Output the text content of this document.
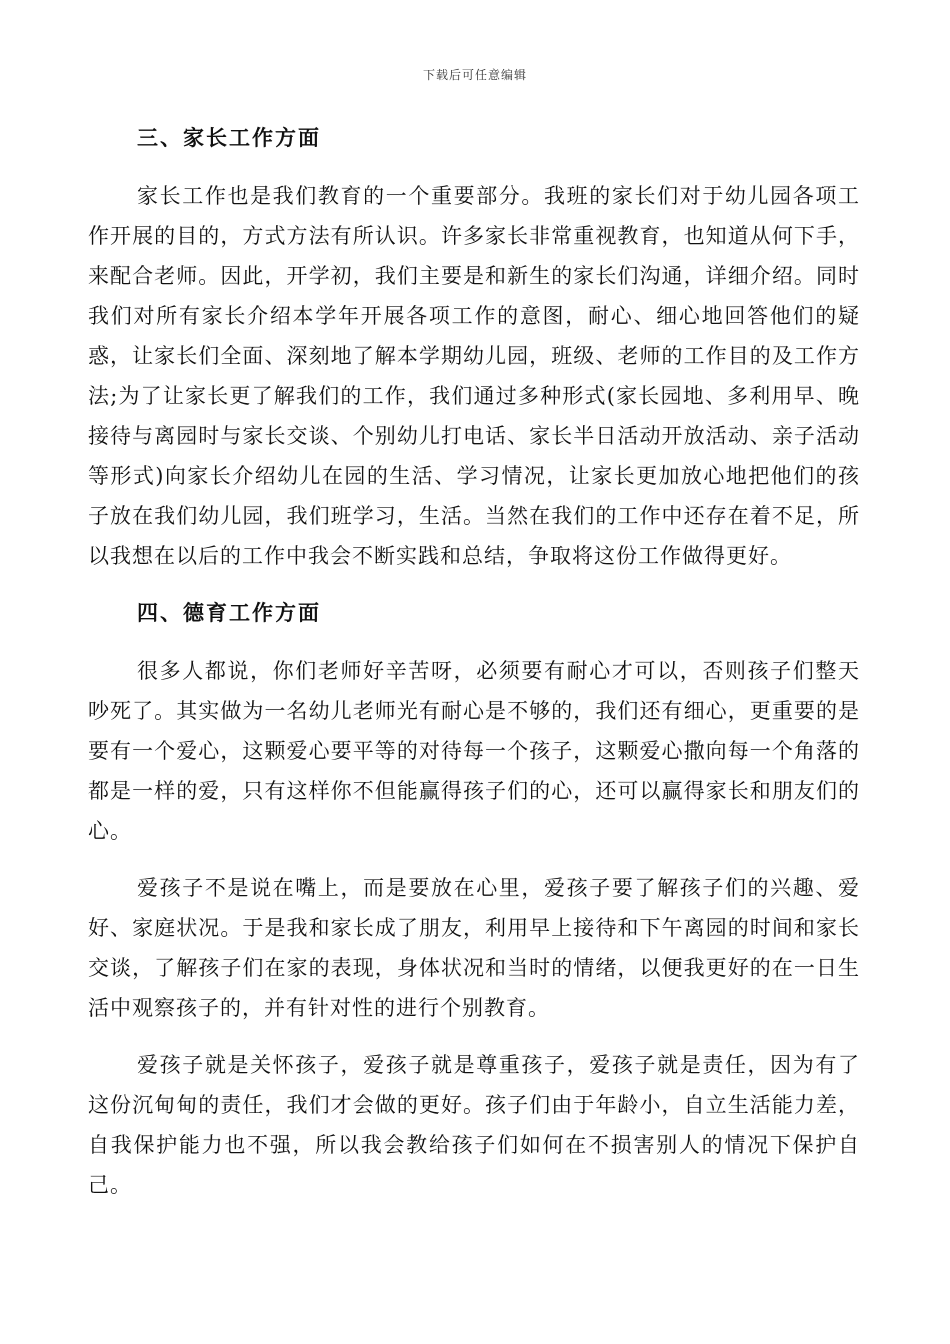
下载后可任意编辑
三、家长工作方面

家长工作也是我们教育的一个重要部分。我班的家长们对于幼儿园各项工作开展的目的，方式方法有所认识。许多家长非常重视教育，也知道从何下手，来配合老师。因此，开学初，我们主要是和新生的家长们沟通，详细介绍。同时我们对所有家长介绍本学年开展各项工作的意图，耐心、细心地回答他们的疑惑，让家长们全面、深刻地了解本学期幼儿园，班级、老师的工作目的及工作方法;为了让家长更了解我们的工作，我们通过多种形式(家长园地、多利用早、晚接待与离园时与家长交谈、个别幼儿打电话、家长半日活动开放活动、亲子活动等形式)向家长介绍幼儿在园的生活、学习情况，让家长更加放心地把他们的孩子放在我们幼儿园，我们班学习，生活。当然在我们的工作中还存在着不足，所以我想在以后的工作中我会不断实践和总结，争取将这份工作做得更好。

四、德育工作方面

很多人都说，你们老师好辛苦呀，必须要有耐心才可以，否则孩子们整天吵死了。其实做为一名幼儿老师光有耐心是不够的，我们还有细心，更重要的是要有一个爱心，这颗爱心要平等的对待每一个孩子，这颗爱心撒向每一个角落的都是一样的爱，只有这样你不但能赢得孩子们的心，还可以赢得家长和朋友们的心。

爱孩子不是说在嘴上，而是要放在心里，爱孩子要了解孩子们的兴趣、爱好、家庭状况。于是我和家长成了朋友，利用早上接待和下午离园的时间和家长交谈，了解孩子们在家的表现，身体状况和当时的情绪，以便我更好的在一日生活中观察孩子的，并有针对性的进行个别教育。

爱孩子就是关怀孩子，爱孩子就是尊重孩子，爱孩子就是责任，因为有了这份沉甸甸的责任，我们才会做的更好。孩子们由于年龄小，自立生活能力差，自我保护能力也不强，所以我会教给孩子们如何在不损害别人的情况下保护自己。
